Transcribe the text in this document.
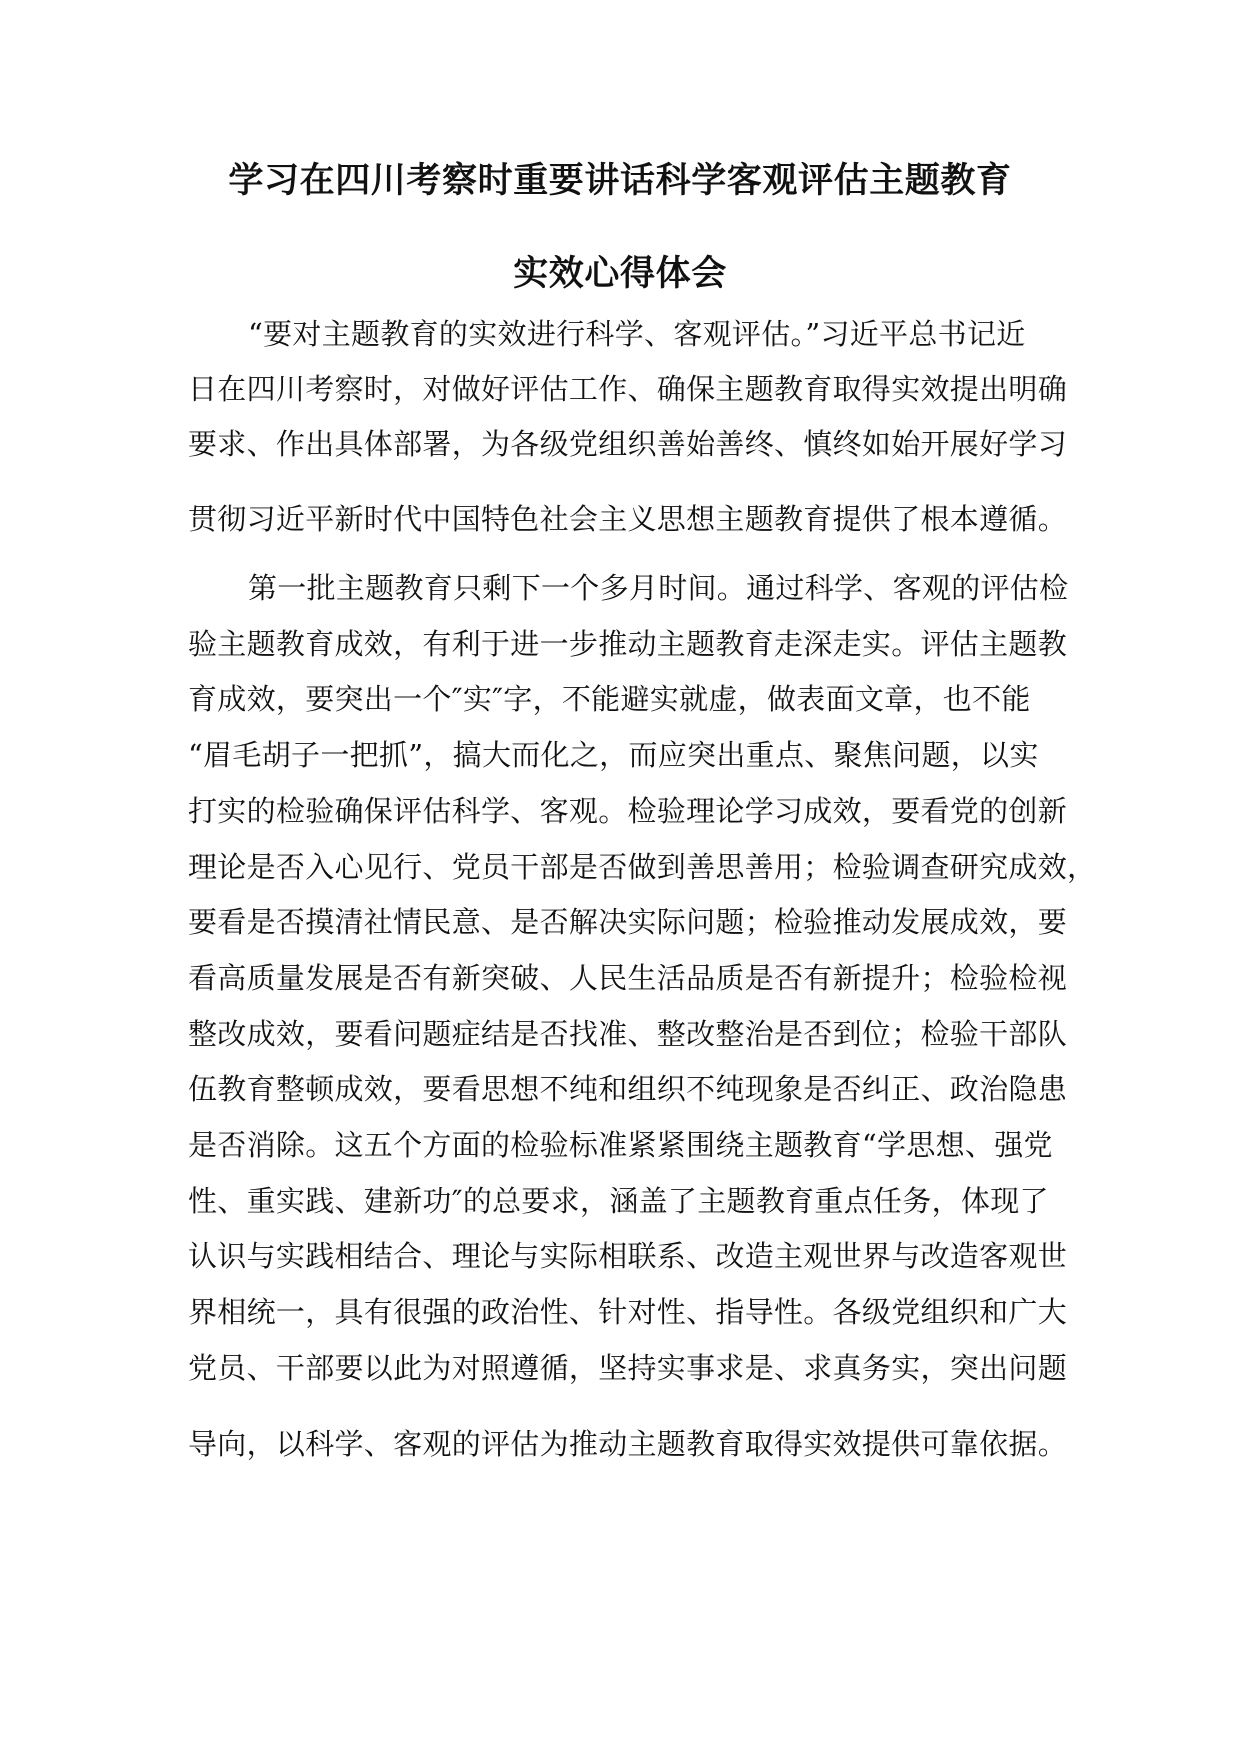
学习在四川考察时重要讲话科学客观评估主题教育
实效心得体会
“要对主题教育的实效进行科学、客观评估。”习近平总书记近
日在四川考察时，对做好评估工作、确保主题教育取得实效提出明确
要求、作出具体部署，为各级党组织善始善终、慎终如始开展好学习
贯彻习近平新时代中国特色社会主义思想主题教育提供了根本遵循。
第一批主题教育只剩下一个多月时间。通过科学、客观的评估检
验主题教育成效，有利于进一步推动主题教育走深走实。评估主题教
育成效，要突出一个″实″字，不能避实就虚，做表面文章，也不能
“眉毛胡子一把抓”，搞大而化之，而应突出重点、聚焦问题，以实
打实的检验确保评估科学、客观。检验理论学习成效，要看党的创新
理论是否入心见行、党员干部是否做到善思善用；检验调查研究成效，
要看是否摸清社情民意、是否解决实际问题；检验推动发展成效，要
看高质量发展是否有新突破、人民生活品质是否有新提升；检验检视
整改成效，要看问题症结是否找准、整改整治是否到位；检验干部队
伍教育整顿成效，要看思想不纯和组织不纯现象是否纠正、政治隐患
是否消除。这五个方面的检验标准紧紧围绕主题教育“学思想、强党
性、重实践、建新功″的总要求，涵盖了主题教育重点任务，体现了
认识与实践相结合、理论与实际相联系、改造主观世界与改造客观世
界相统一，具有很强的政治性、针对性、指导性。各级党组织和广大
党员、干部要以此为对照遵循，坚持实事求是、求真务实，突出问题
导向，以科学、客观的评估为推动主题教育取得实效提供可靠依据。
